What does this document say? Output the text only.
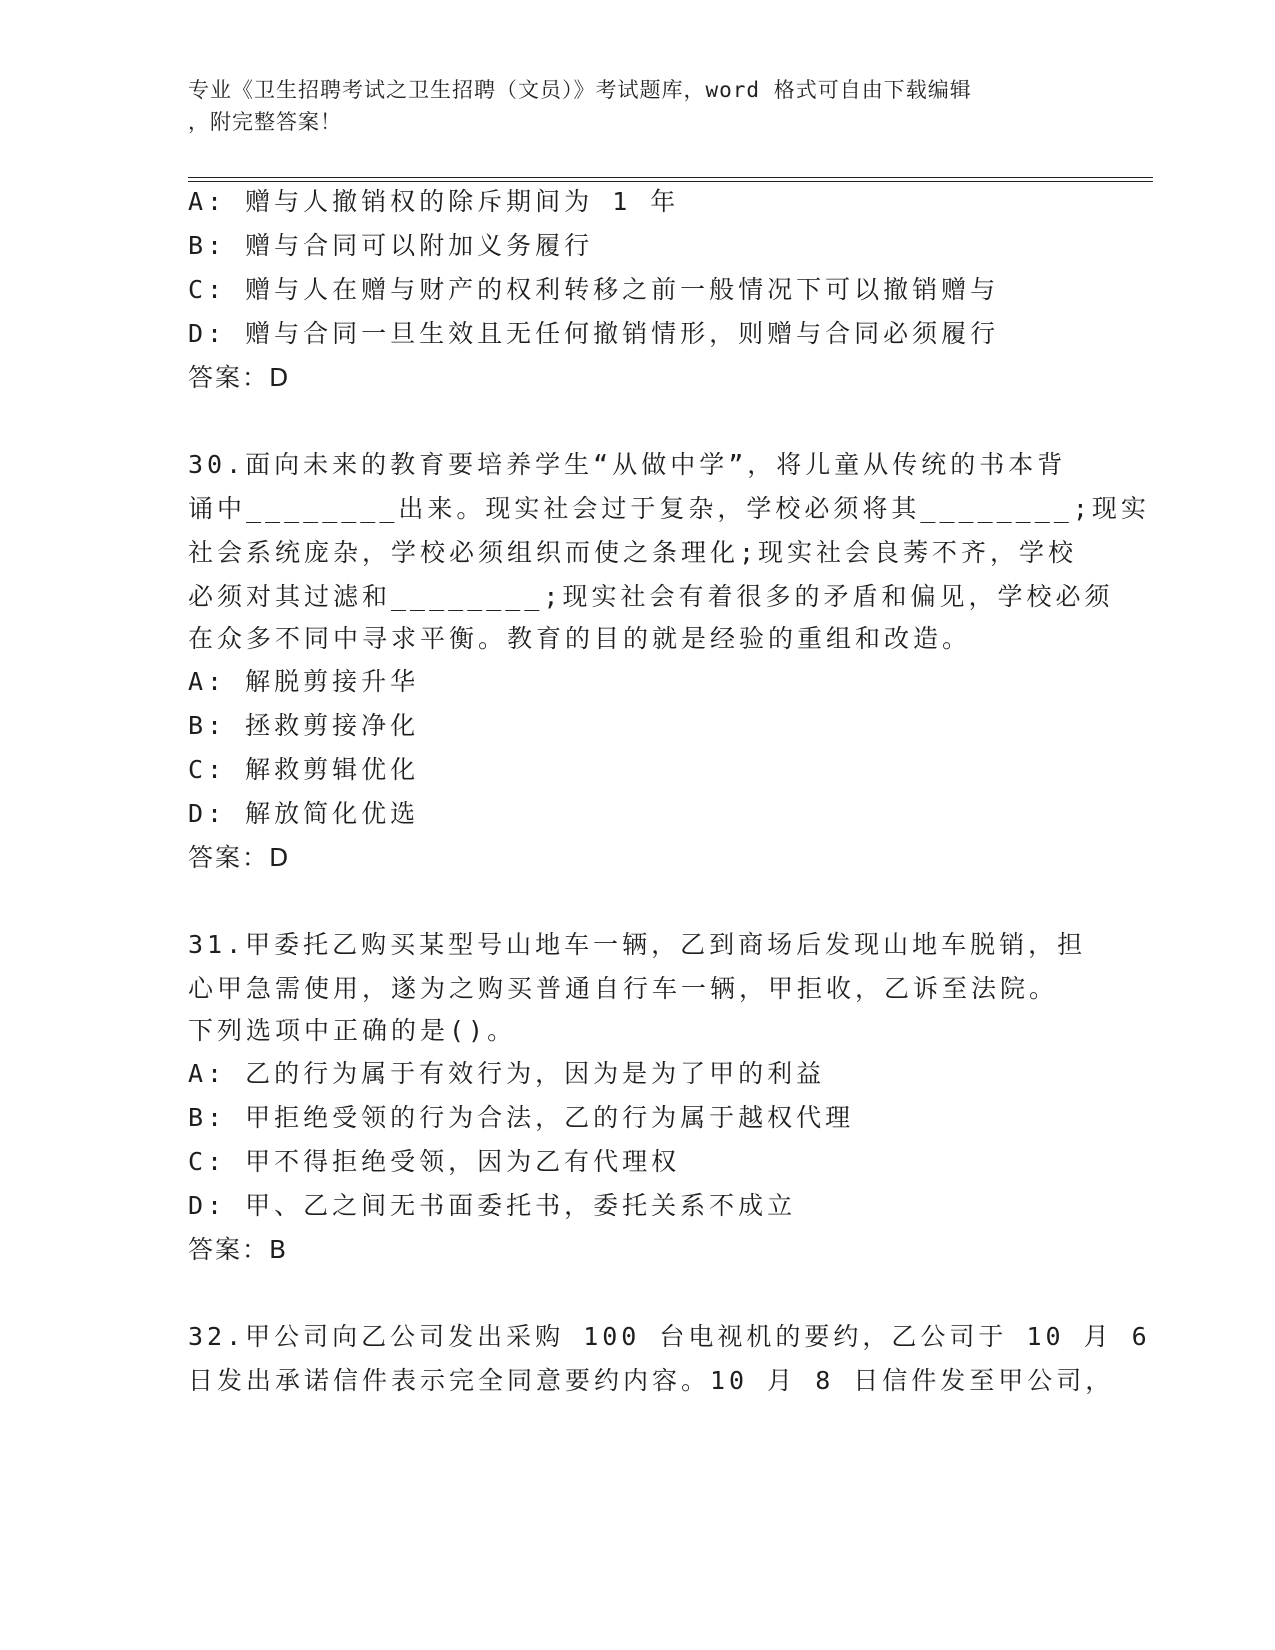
专业《卫生招聘考试之卫生招聘（文员）》考试题库，word 格式可自由下载编辑
，附完整答案！
A: 赠与人撤销权的除斥期间为 1 年
B: 赠与合同可以附加义务履行
C: 赠与人在赠与财产的权利转移之前一般情况下可以撤销赠与
D: 赠与合同一旦生效且无任何撤销情形，则赠与合同必须履行
答案：D
30.面向未来的教育要培养学生“从做中学”，将儿童从传统的书本背
诵中________出来。现实社会过于复杂，学校必须将其________;现实
社会系统庞杂，学校必须组织而使之条理化;现实社会良莠不齐，学校
必须对其过滤和________;现实社会有着很多的矛盾和偏见，学校必须
在众多不同中寻求平衡。教育的目的就是经验的重组和改造。
A: 解脱剪接升华
B: 拯救剪接净化
C: 解救剪辑优化
D: 解放简化优选
答案：D
31.甲委托乙购买某型号山地车一辆，乙到商场后发现山地车脱销，担
心甲急需使用，遂为之购买普通自行车一辆，甲拒收，乙诉至法院。
下列选项中正确的是()。
A: 乙的行为属于有效行为，因为是为了甲的利益
B: 甲拒绝受领的行为合法，乙的行为属于越权代理
C: 甲不得拒绝受领，因为乙有代理权
D: 甲、乙之间无书面委托书，委托关系不成立
答案：B
32.甲公司向乙公司发出采购 100 台电视机的要约，乙公司于 10 月 6
日发出承诺信件表示完全同意要约内容。10 月 8 日信件发至甲公司，
